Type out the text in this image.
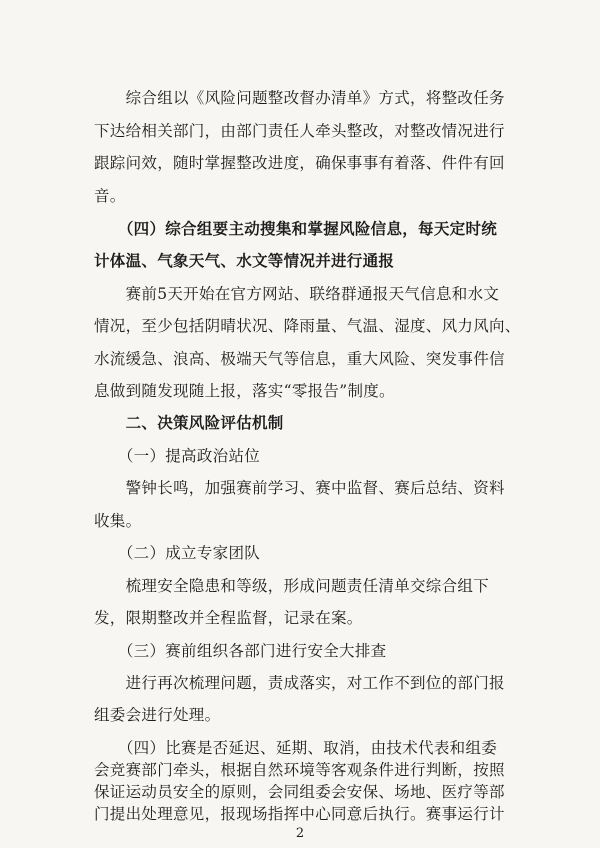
　　综合组以《风险问题整改督办清单》方式，将整改任务
下达给相关部门，由部门责任人牵头整改，对整改情况进行
跟踪问效，随时掌握整改进度，确保事事有着落、件件有回
音。
　　（四）综合组要主动搜集和掌握风险信息，每天定时统
计体温、气象天气、水文等情况并进行通报
　　赛前5天开始在官方网站、联络群通报天气信息和水文
情况，至少包括阴晴状况、降雨量、气温、湿度、风力风向、
水流缓急、浪高、极端天气等信息，重大风险、突发事件信
息做到随发现随上报，落实“零报告”制度。
　　二、决策风险评估机制
　　（一）提高政治站位
　　警钟长鸣，加强赛前学习、赛中监督、赛后总结、资料
收集。
　　（二）成立专家团队
　　梳理安全隐患和等级，形成问题责任清单交综合组下
发，限期整改并全程监督，记录在案。
　　（三）赛前组织各部门进行安全大排查
　　进行再次梳理问题，责成落实，对工作不到位的部门报
组委会进行处理。
　　（四）比赛是否延迟、延期、取消，由技术代表和组委
会竞赛部门牵头，根据自然环境等客观条件进行判断，按照
保证运动员安全的原则，会同组委会安保、场地、医疗等部
门提出处理意见，报现场指挥中心同意后执行。赛事运行计
2
